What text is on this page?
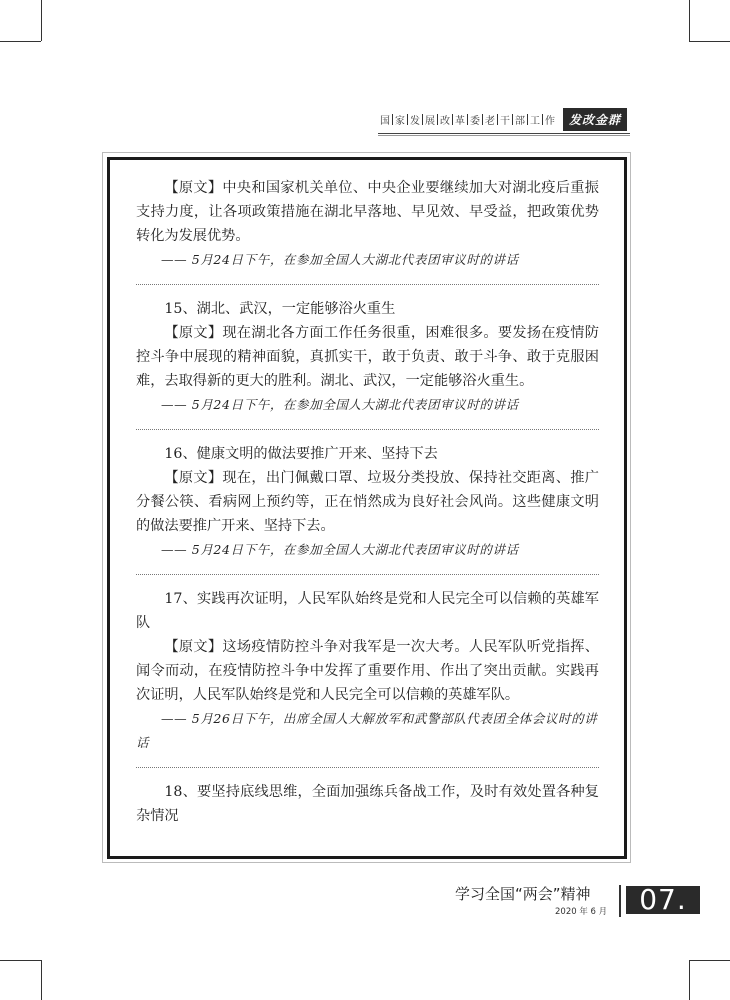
国 家 发 展 改 革 委 老 干 部 工 作	发改金群

【原文】中央和国家机关单位、中央企业要继续加大对湖北疫后重振支持力度，让各项政策措施在湖北早落地、早见效、早受益，把政策优势转化为发展优势。

—— 5月24日下午，在参加全国人大湖北代表团审议时的讲话

15、湖北、武汉，一定能够浴火重生

【原文】现在湖北各方面工作任务很重，困难很多。要发扬在疫情防控斗争中展现的精神面貌，真抓实干，敢于负责、敢于斗争、敢于克服困难，去取得新的更大的胜利。湖北、武汉，一定能够浴火重生。

—— 5月24日下午，在参加全国人大湖北代表团审议时的讲话

16、健康文明的做法要推广开来、坚持下去

【原文】现在，出门佩戴口罩、垃圾分类投放、保持社交距离、推广分餐公筷、看病网上预约等，正在悄然成为良好社会风尚。这些健康文明的做法要推广开来、坚持下去。

—— 5月24日下午，在参加全国人大湖北代表团审议时的讲话

17、实践再次证明，人民军队始终是党和人民完全可以信赖的英雄军队

【原文】这场疫情防控斗争对我军是一次大考。人民军队听党指挥、闻令而动，在疫情防控斗争中发挥了重要作用、作出了突出贡献。实践再次证明，人民军队始终是党和人民完全可以信赖的英雄军队。

—— 5月26日下午，出席全国人大解放军和武警部队代表团全体会议时的讲话

18、要坚持底线思维，全面加强练兵备战工作，及时有效处置各种复杂情况

学习全国“两会”精神
2020 年 6 月	07.
